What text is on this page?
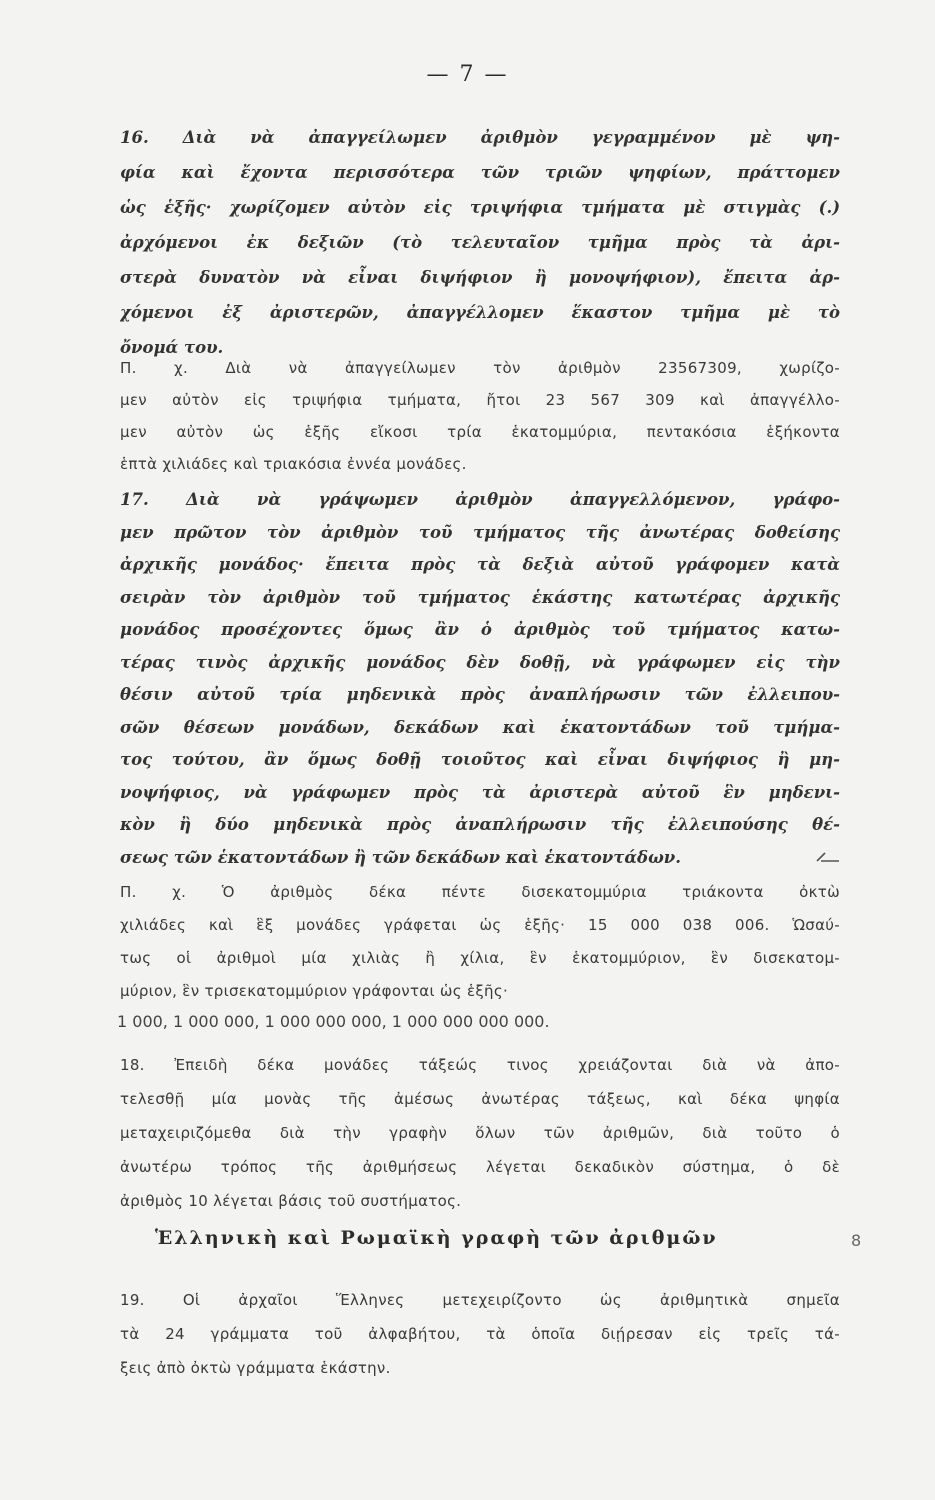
— 7 —
16. Διὰ νὰ ἀπαγγείλωμεν ἀριθμὸν γεγραμμένον μὲ ψη-
φία καὶ ἔχοντα περισσότερα τῶν τριῶν ψηφίων, πράττομεν
ὡς ἑξῆς· χωρίζομεν αὐτὸν εἰς τριψήφια τμήματα μὲ στιγμὰς (.)
ἀρχόμενοι ἐκ δεξιῶν (τὸ τελευταῖον τμῆμα πρὸς τὰ ἀρι-
στερὰ δυνατὸν νὰ εἶναι διψήφιον ἢ μονοψήφιον), ἔπειτα ἀρ-
χόμενοι ἐξ ἀριστερῶν, ἀπαγγέλλομεν ἕκαστον τμῆμα μὲ τὸ
ὄνομά του.
Π. χ. Διὰ νὰ ἀπαγγείλωμεν τὸν ἀριθμὸν 23567309, χωρίζο-
μεν αὐτὸν εἰς τριψήφια τμήματα, ἤτοι 23 567 309 καὶ ἀπαγγέλλο-
μεν αὐτὸν ὡς ἑξῆς εἴκοσι τρία ἑκατομμύρια, πεντακόσια ἑξήκοντα
ἑπτὰ χιλιάδες καὶ τριακόσια ἐννέα μονάδες.
17. Διὰ νὰ γράψωμεν ἀριθμὸν ἀπαγγελλόμενον, γράφο-
μεν πρῶτον τὸν ἀριθμὸν τοῦ τμήματος τῆς ἀνωτέρας δοθείσης
ἀρχικῆς μονάδος· ἔπειτα πρὸς τὰ δεξιὰ αὐτοῦ γράφομεν κατὰ
σειρὰν τὸν ἀριθμὸν τοῦ τμήματος ἑκάστης κατωτέρας ἀρχικῆς
μονάδος προσέχοντες ὅμως ἂν ὁ ἀριθμὸς τοῦ τμήματος κατω-
τέρας τινὸς ἀρχικῆς μονάδος δὲν δοθῇ, νὰ γράφωμεν εἰς τὴν
θέσιν αὐτοῦ τρία μηδενικὰ πρὸς ἀναπλήρωσιν τῶν ἐλλειπου-
σῶν θέσεων μονάδων, δεκάδων καὶ ἑκατοντάδων τοῦ τμήμα-
τος τούτου, ἂν ὅμως δοθῇ τοιοῦτος καὶ εἶναι διψήφιος ἢ μη-
νοψήφιος, νὰ γράφωμεν πρὸς τὰ ἀριστερὰ αὐτοῦ ἓν μηδενι-
κὸν ἢ δύο μηδενικὰ πρὸς ἀναπλήρωσιν τῆς ἐλλειπούσης θέ-
σεως τῶν ἑκατοντάδων ἢ τῶν δεκάδων καὶ ἑκατοντάδων.
Π. χ. Ὁ ἀριθμὸς δέκα πέντε δισεκατομμύρια τριάκοντα ὀκτὼ
χιλιάδες καὶ ἓξ μονάδες γράφεται ὡς ἑξῆς· 15 000 038 006. Ὡσαύ-
τως οἱ ἀριθμοὶ μία χιλιὰς ἢ χίλια, ἓν ἑκατομμύριον, ἓν δισεκατομ-
μύριον, ἓν τρισεκατομμύριον γράφονται ὡς ἑξῆς·
1 000, 1 000 000, 1 000 000 000, 1 000 000 000 000.
18. Ἐπειδὴ δέκα μονάδες τάξεώς τινος χρειάζονται διὰ νὰ ἀπο-
τελεσθῇ μία μονὰς τῆς ἀμέσως ἀνωτέρας τάξεως, καὶ δέκα ψηφία
μεταχειριζόμεθα διὰ τὴν γραφὴν ὅλων τῶν ἀριθμῶν, διὰ τοῦτο ὁ
ἀνωτέρω τρόπος τῆς ἀριθμήσεως λέγεται δεκαδικὸν σύστημα, ὁ δὲ
ἀριθμὸς 10 λέγεται βάσις τοῦ συστήματος.
Ἑλληνικὴ καὶ Ρωμαϊκὴ γραφὴ τῶν ἀριθμῶν	8
19. Οἱ ἀρχαῖοι Ἕλληνες μετεχειρίζοντο ὡς ἀριθμητικὰ σημεῖα
τὰ 24 γράμματα τοῦ ἀλφαβήτου, τὰ ὁποῖα διῄρεσαν εἰς τρεῖς τά-
ξεις ἀπὸ ὀκτὼ γράμματα ἑκάστην.
